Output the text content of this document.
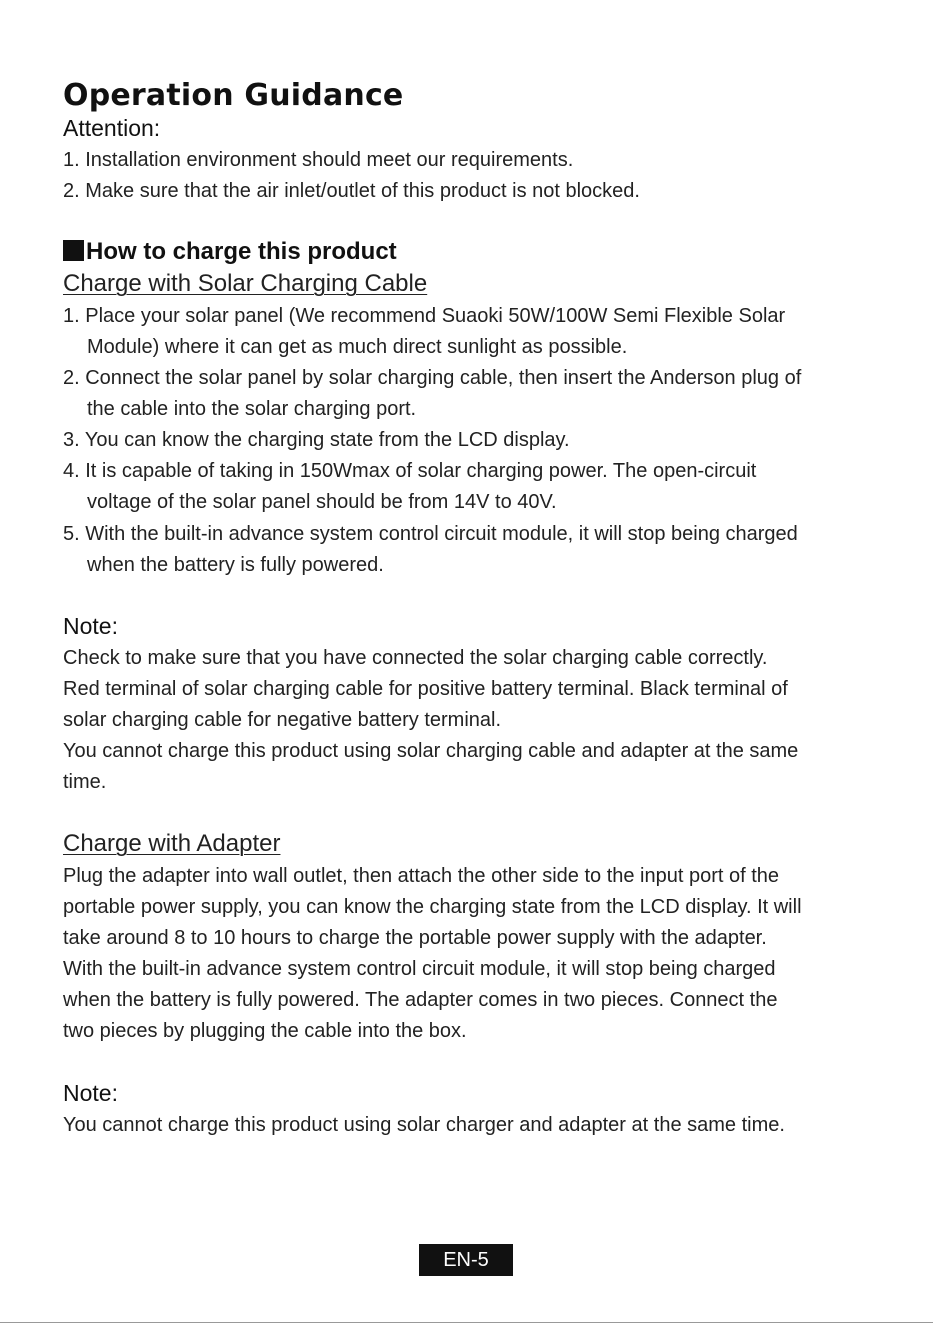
Operation Guidance
Attention:
1. Installation environment should meet our requirements.
2. Make sure that the air inlet/outlet of this product is not blocked.
How to charge this product
Charge with Solar Charging Cable
1. Place your solar panel (We recommend Suaoki 50W/100W Semi Flexible Solar
Module) where it can get as much direct sunlight as possible.
2. Connect the solar panel by solar charging cable, then insert the Anderson plug of
the cable into the solar charging port.
3. You can know the charging state from the LCD display.
4. It is capable of taking in 150Wmax of solar charging power. The open-circuit
voltage of the solar panel should be from 14V to 40V.
5. With the built-in advance system control circuit module, it will stop being charged
when the battery is fully powered.
Note:
Check to make sure that you have connected the solar charging cable correctly.
Red terminal of solar charging cable for positive battery terminal. Black terminal of
solar charging cable for negative battery terminal.
You cannot charge this product using solar charging cable and adapter at the same
time.
Charge with Adapter
Plug the adapter into wall outlet, then attach the other side to the input port of the
portable power supply, you can know the charging state from the LCD display. It will
take around 8 to 10 hours to charge the portable power supply with the adapter.
With the built-in advance system control circuit module, it will stop being charged
when the battery is fully powered. The adapter comes in two pieces. Connect the
two pieces by plugging the cable into the box.
Note:
You cannot charge this product using solar charger and adapter at the same time.
EN-5
